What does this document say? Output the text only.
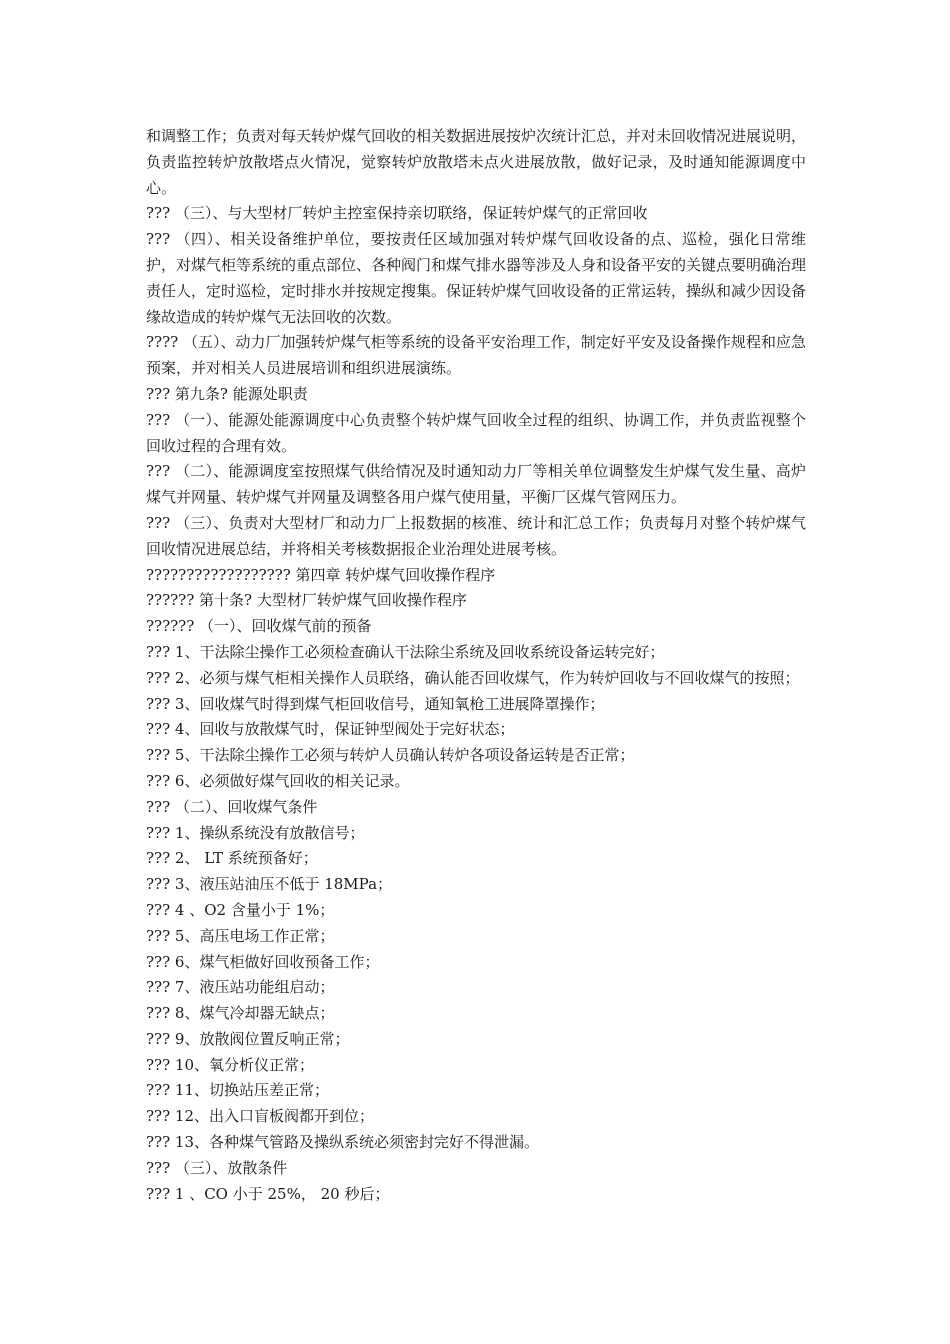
和调整工作；负责对每天转炉煤气回收的相关数据进展按炉次统计汇总，并对未回收情况进展说明，负责监控转炉放散塔点火情况，觉察转炉放散塔未点火进展放散，做好记录，及时通知能源调度中心。

??? （三）、与大型材厂转炉主控室保持亲切联络，保证转炉煤气的正常回收

??? （四）、相关设备维护单位，要按责任区域加强对转炉煤气回收设备的点、巡检，强化日常维护，对煤气柜等系统的重点部位、各种阀门和煤气排水器等涉及人身和设备平安的关键点要明确治理责任人，定时巡检，定时排水并按规定搜集。保证转炉煤气回收设备的正常运转，操纵和减少因设备缘故造成的转炉煤气无法回收的次数。

???? （五）、动力厂加强转炉煤气柜等系统的设备平安治理工作，制定好平安及设备操作规程和应急预案，并对相关人员进展培训和组织进展演练。

??? 第九条? 能源处职责

??? （一）、能源处能源调度中心负责整个转炉煤气回收全过程的组织、协调工作，并负责监视整个回收过程的合理有效。

??? （二）、能源调度室按照煤气供给情况及时通知动力厂等相关单位调整发生炉煤气发生量、高炉煤气并网量、转炉煤气并网量及调整各用户煤气使用量，平衡厂区煤气管网压力。

??? （三）、负责对大型材厂和动力厂上报数据的核准、统计和汇总工作；负责每月对整个转炉煤气回收情况进展总结，并将相关考核数据报企业治理处进展考核。

?????????????????? 第四章 转炉煤气回收操作程序

?????? 第十条? 大型材厂转炉煤气回收操作程序

?????? （一）、回收煤气前的预备

??? 1、干法除尘操作工必须检查确认干法除尘系统及回收系统设备运转完好；

??? 2、必须与煤气柜相关操作人员联络，确认能否回收煤气，作为转炉回收与不回收煤气的按照；

??? 3、回收煤气时得到煤气柜回收信号，通知氧枪工进展降罩操作；

??? 4、回收与放散煤气时，保证钟型阀处于完好状态；

??? 5、干法除尘操作工必须与转炉人员确认转炉各项设备运转是否正常；

??? 6、必须做好煤气回收的相关记录。

??? （二）、回收煤气条件

??? 1、操纵系统没有放散信号；

??? 2、 LT 系统预备好；

??? 3、液压站油压不低于 18MPa；

??? 4 、O2 含量小于 1%；

??? 5、高压电场工作正常；

??? 6、煤气柜做好回收预备工作；

??? 7、液压站功能组启动；

??? 8、煤气冷却器无缺点；

??? 9、放散阀位置反响正常；

??? 10、氧分析仪正常；

??? 11、切换站压差正常；

??? 12、出入口盲板阀都开到位；

??? 13、各种煤气管路及操纵系统必须密封完好不得泄漏。

??? （三）、放散条件

??? 1 、CO 小于 25%， 20 秒后；
